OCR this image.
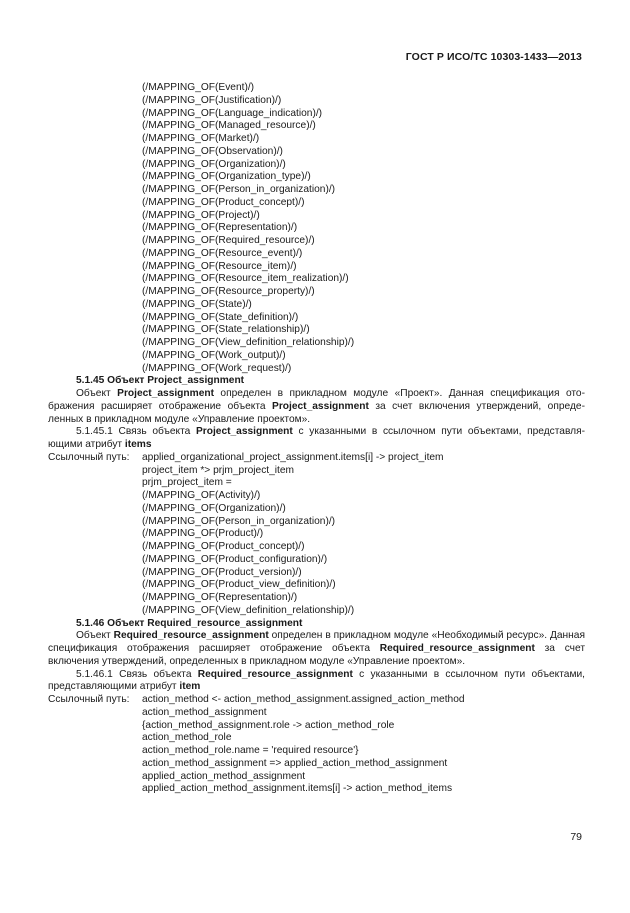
ГОСТ Р ИСО/ТС 10303-1433—2013
(/MAPPING_OF(Event)/)
(/MAPPING_OF(Justification)/)
(/MAPPING_OF(Language_indication)/)
(/MAPPING_OF(Managed_resource)/)
(/MAPPING_OF(Market)/)
(/MAPPING_OF(Observation)/)
(/MAPPING_OF(Organization)/)
(/MAPPING_OF(Organization_type)/)
(/MAPPING_OF(Person_in_organization)/)
(/MAPPING_OF(Product_concept)/)
(/MAPPING_OF(Project)/)
(/MAPPING_OF(Representation)/)
(/MAPPING_OF(Required_resource)/)
(/MAPPING_OF(Resource_event)/)
(/MAPPING_OF(Resource_item)/)
(/MAPPING_OF(Resource_item_realization)/)
(/MAPPING_OF(Resource_property)/)
(/MAPPING_OF(State)/)
(/MAPPING_OF(State_definition)/)
(/MAPPING_OF(State_relationship)/)
(/MAPPING_OF(View_definition_relationship)/)
(/MAPPING_OF(Work_output)/)
(/MAPPING_OF(Work_request)/)
5.1.45 Объект Project_assignment
Объект Project_assignment определен в прикладном модуле «Проект». Данная спецификация ото- бражения расширяет отображение объекта Project_assignment за счет включения утверждений, опреде- ленных в прикладном модуле «Управление проектом».
5.1.45.1 Связь объекта Project_assignment с указанными в ссылочном пути объектами, представля- ющими атрибут items
Ссылочный путь:	applied_organizational_project_assignment.items[i] -> project_item
project_item *> prjm_project_item
prjm_project_item =
(/MAPPING_OF(Activity)/)
(/MAPPING_OF(Organization)/)
(/MAPPING_OF(Person_in_organization)/)
(/MAPPING_OF(Product)/)
(/MAPPING_OF(Product_concept)/)
(/MAPPING_OF(Product_configuration)/)
(/MAPPING_OF(Product_version)/)
(/MAPPING_OF(Product_view_definition)/)
(/MAPPING_OF(Representation)/)
(/MAPPING_OF(View_definition_relationship)/)
5.1.46 Объект Required_resource_assignment
Объект Required_resource_assignment определен в прикладном модуле «Необходимый ресурс». Данная спецификация отображения расширяет отображение объекта Required_resource_assignment за счет включения утверждений, определенных в прикладном модуле «Управление проектом».
5.1.46.1 Связь объекта Required_resource_assignment с указанными в ссылочном пути объектами, представляющими атрибут item
Ссылочный путь:	action_method <- action_method_assignment.assigned_action_method
action_method_assignment
{action_method_assignment.role -> action_method_role
action_method_role
action_method_role.name = 'required resource'}
action_method_assignment => applied_action_method_assignment
applied_action_method_assignment
applied_action_method_assignment.items[i] -> action_method_items
79
